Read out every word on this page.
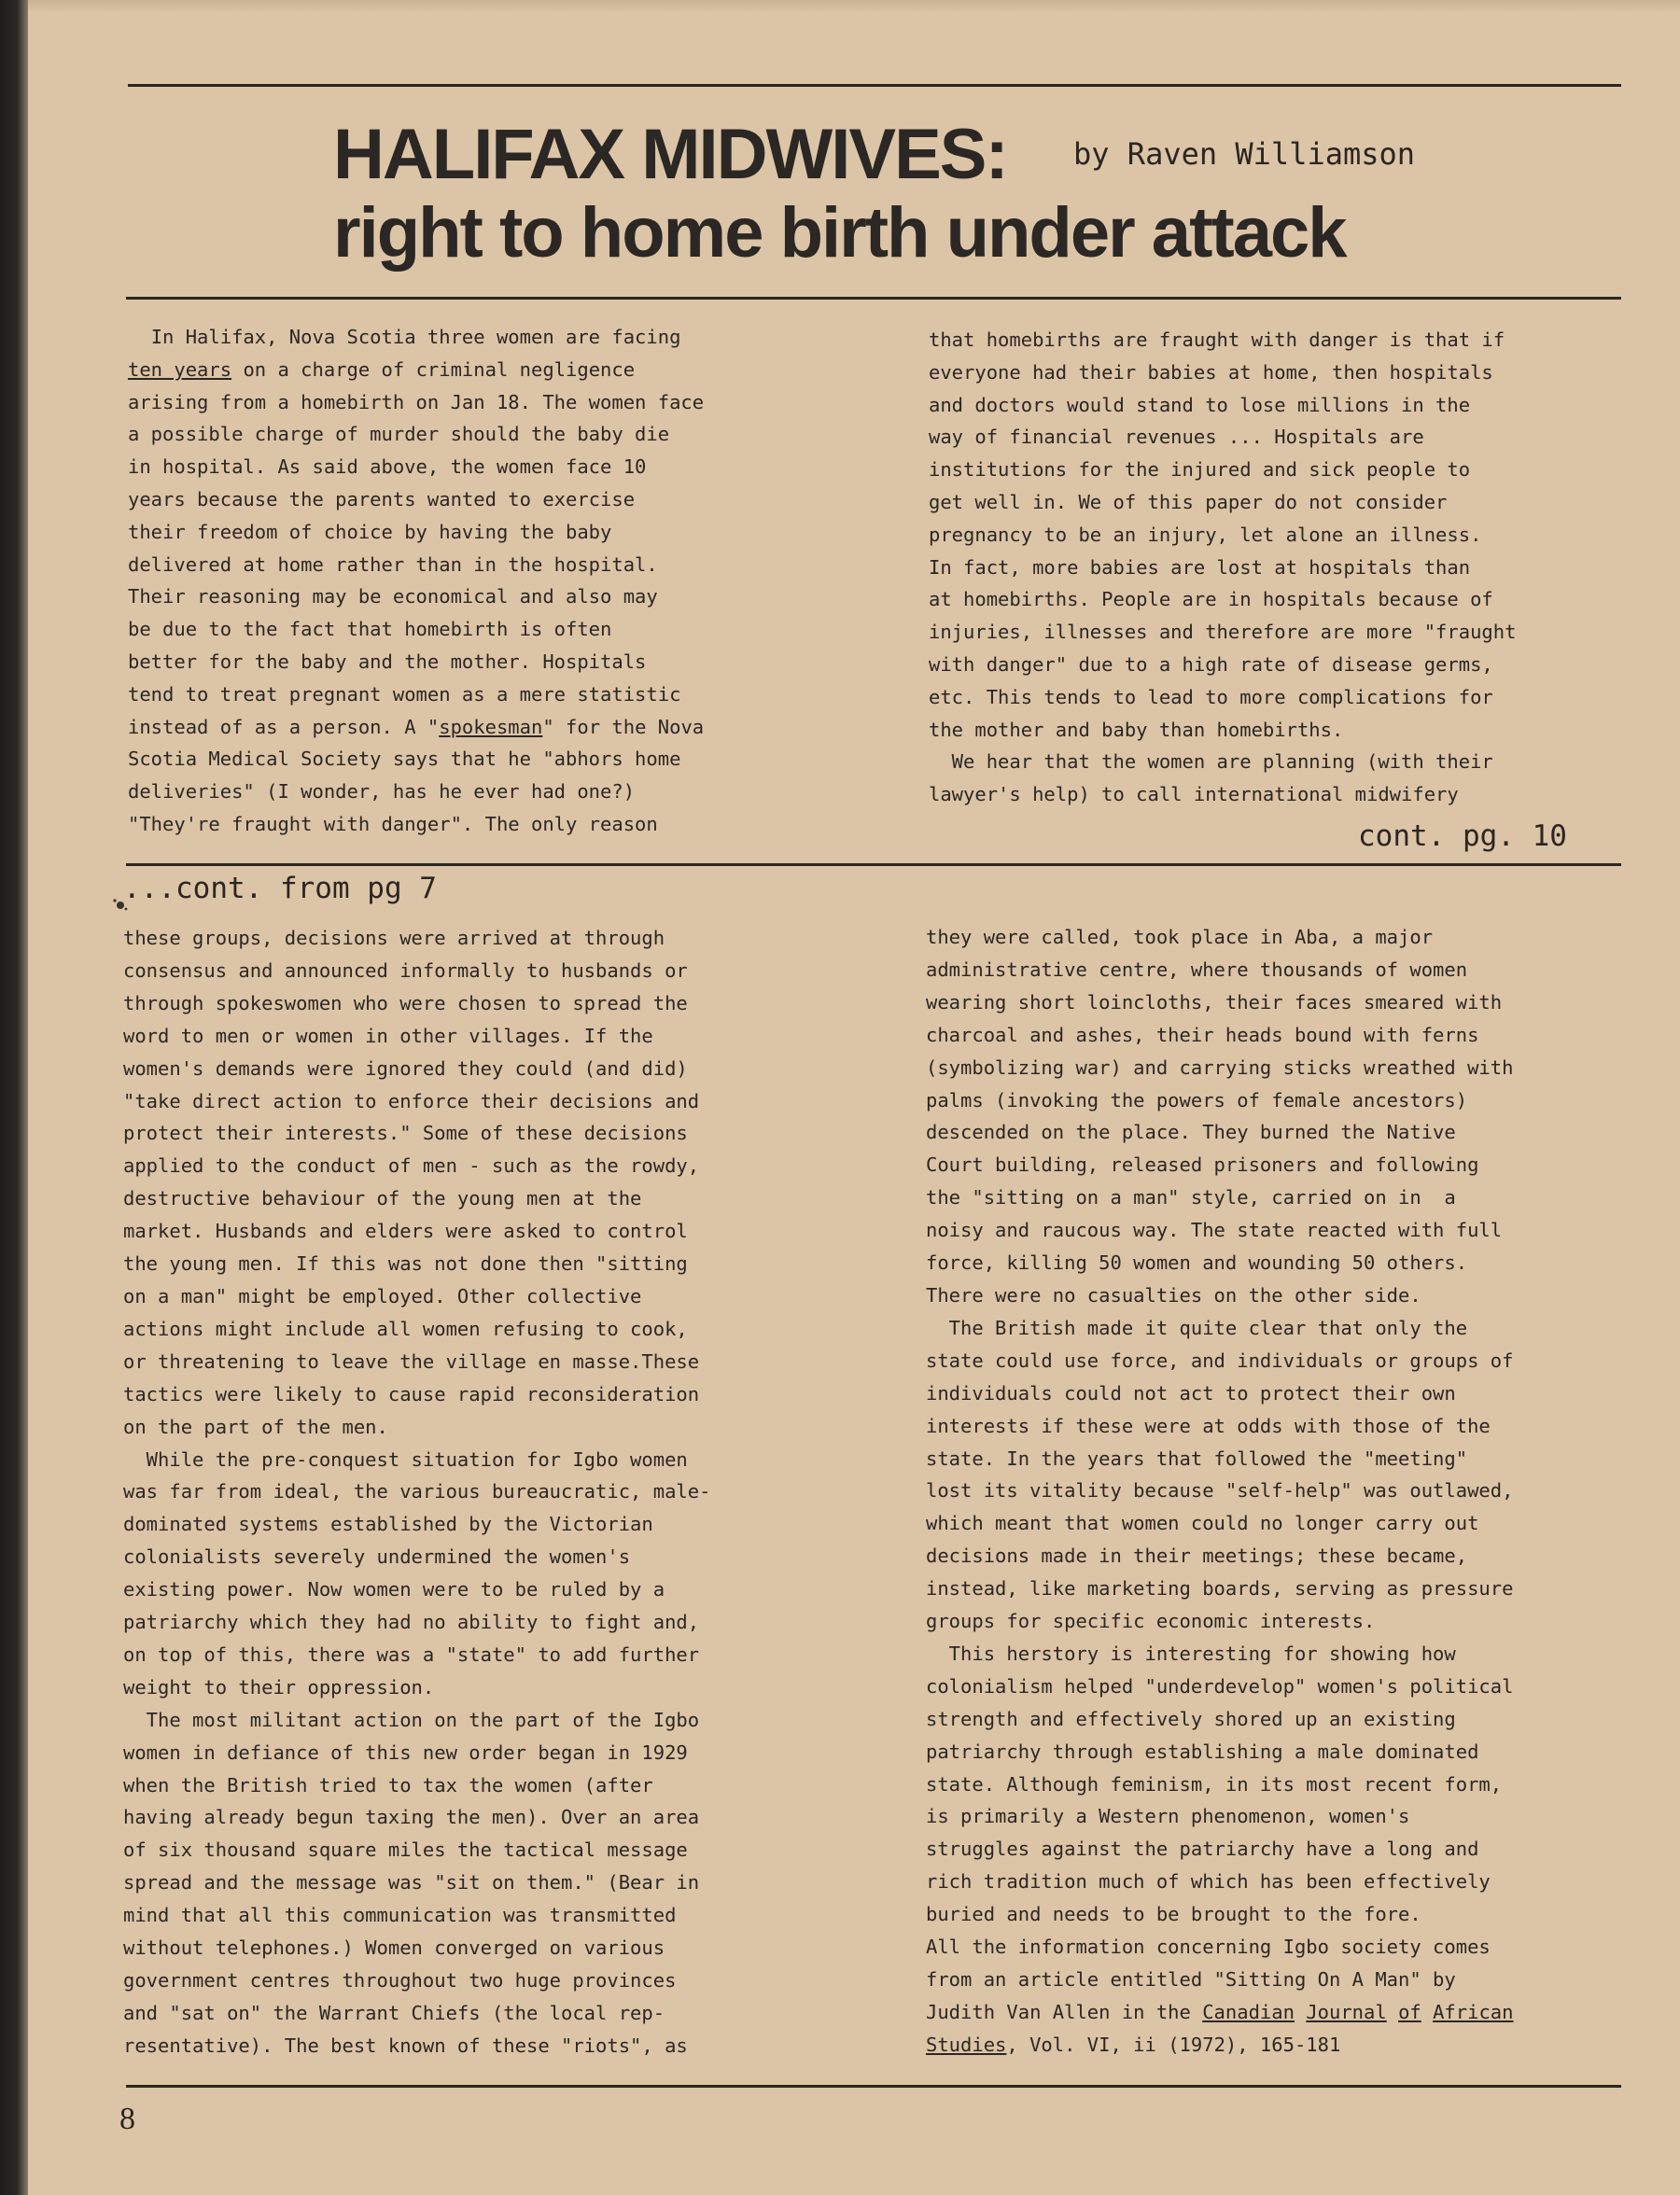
HALIFAX MIDWIVES:
right to home birth under attack

by Raven Williamson

In Halifax, Nova Scotia three women are facing

ten years on a charge of criminal negligence

arising from a homebirth on Jan 18. The women face

a possible charge of murder should the baby die

in hospital. As said above, the women face 10

years because the parents wanted to exercise

their freedom of choice by having the baby

delivered at home rather than in the hospital.

Their reasoning may be economical and also may

be due to the fact that homebirth is often

better for the baby and the mother. Hospitals

tend to treat pregnant women as a mere statistic

instead of as a person. A "spokesman" for the Nova

Scotia Medical Society says that he "abhors home

deliveries" (I wonder, has he ever had one?)

"They're fraught with danger". The only reason

that homebirths are fraught with danger is that if

everyone had their babies at home, then hospitals

and doctors would stand to lose millions in the

way of financial revenues ... Hospitals are

institutions for the injured and sick people to

get well in. We of this paper do not consider

pregnancy to be an injury, let alone an illness.

In fact, more babies are lost at hospitals than

at homebirths. People are in hospitals because of

injuries, illnesses and therefore are more "fraught

with danger" due to a high rate of disease germs,

etc. This tends to lead to more complications for

the mother and baby than homebirths.

We hear that the women are planning (with their

lawyer's help) to call international midwifery

cont. pg. 10

...cont. from pg 7

these groups, decisions were arrived at through

consensus and announced informally to husbands or

through spokeswomen who were chosen to spread the

word to men or women in other villages. If the

women's demands were ignored they could (and did)

"take direct action to enforce their decisions and

protect their interests." Some of these decisions

applied to the conduct of men - such as the rowdy,

destructive behaviour of the young men at the

market. Husbands and elders were asked to control

the young men. If this was not done then "sitting

on a man" might be employed. Other collective

actions might include all women refusing to cook,

or threatening to leave the village en masse.These

tactics were likely to cause rapid reconsideration

on the part of the men.

While the pre-conquest situation for Igbo women

was far from ideal, the various bureaucratic, male-

dominated systems established by the Victorian

colonialists severely undermined the women's

existing power. Now women were to be ruled by a

patriarchy which they had no ability to fight and,

on top of this, there was a "state" to add further

weight to their oppression.

The most militant action on the part of the Igbo

women in defiance of this new order began in 1929

when the British tried to tax the women (after

having already begun taxing the men). Over an area

of six thousand square miles the tactical message

spread and the message was "sit on them." (Bear in

mind that all this communication was transmitted

without telephones.) Women converged on various

government centres throughout two huge provinces

and "sat on" the Warrant Chiefs (the local rep-

resentative). The best known of these "riots", as

they were called, took place in Aba, a major

administrative centre, where thousands of women

wearing short loincloths, their faces smeared with

charcoal and ashes, their heads bound with ferns

(symbolizing war) and carrying sticks wreathed with

palms (invoking the powers of female ancestors)

descended on the place. They burned the Native

Court building, released prisoners and following

the "sitting on a man" style, carried on in  a

noisy and raucous way. The state reacted with full

force, killing 50 women and wounding 50 others.

There were no casualties on the other side.

The British made it quite clear that only the

state could use force, and individuals or groups of

individuals could not act to protect their own

interests if these were at odds with those of the

state. In the years that followed the "meeting"

lost its vitality because "self-help" was outlawed,

which meant that women could no longer carry out

decisions made in their meetings; these became,

instead, like marketing boards, serving as pressure

groups for specific economic interests.

This herstory is interesting for showing how

colonialism helped "underdevelop" women's political

strength and effectively shored up an existing

patriarchy through establishing a male dominated

state. Although feminism, in its most recent form,

is primarily a Western phenomenon, women's

struggles against the patriarchy have a long and

rich tradition much of which has been effectively

buried and needs to be brought to the fore.

All the information concerning Igbo society comes

from an article entitled "Sitting On A Man" by

Judith Van Allen in the Canadian Journal of African

Studies, Vol. VI, ii (1972), 165-181

8
